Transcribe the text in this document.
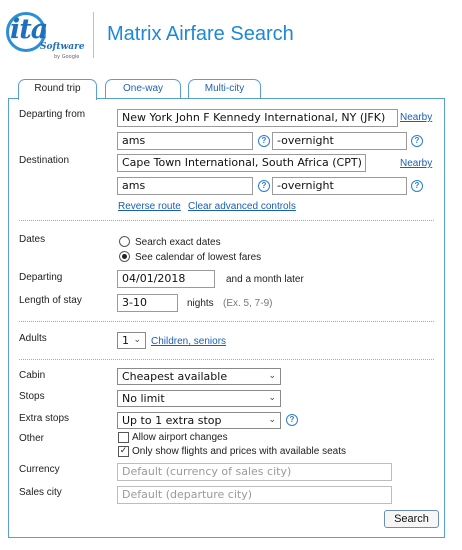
ita
Software
by Google
Matrix Airfare Search
Round trip	One-way	Multi-city
Departing from	New York John F Kennedy International, NY (JFK)	Nearby
ams	? -overnight	?
Destination	Cape Town International, South Africa (CPT)	Nearby
ams	? -overnight	?
Reverse route Clear advanced controls
Dates	Search exact dates
See calendar of lowest fares
Departing	04/01/2018	and a month later
Length of stay	3-10	nights (Ex. 5, 7-9)
Adults	1 ⌄ Children, seniors
Cabin	Cheapest available	⌄
Stops	No limit	⌄
Extra stops	Up to 1 extra stop	⌄	?
Other	Allow airport changes
✓ Only show flights and prices with available seats
Currency	Default (currency of sales city)
Sales city	Default (departure city)
Search
